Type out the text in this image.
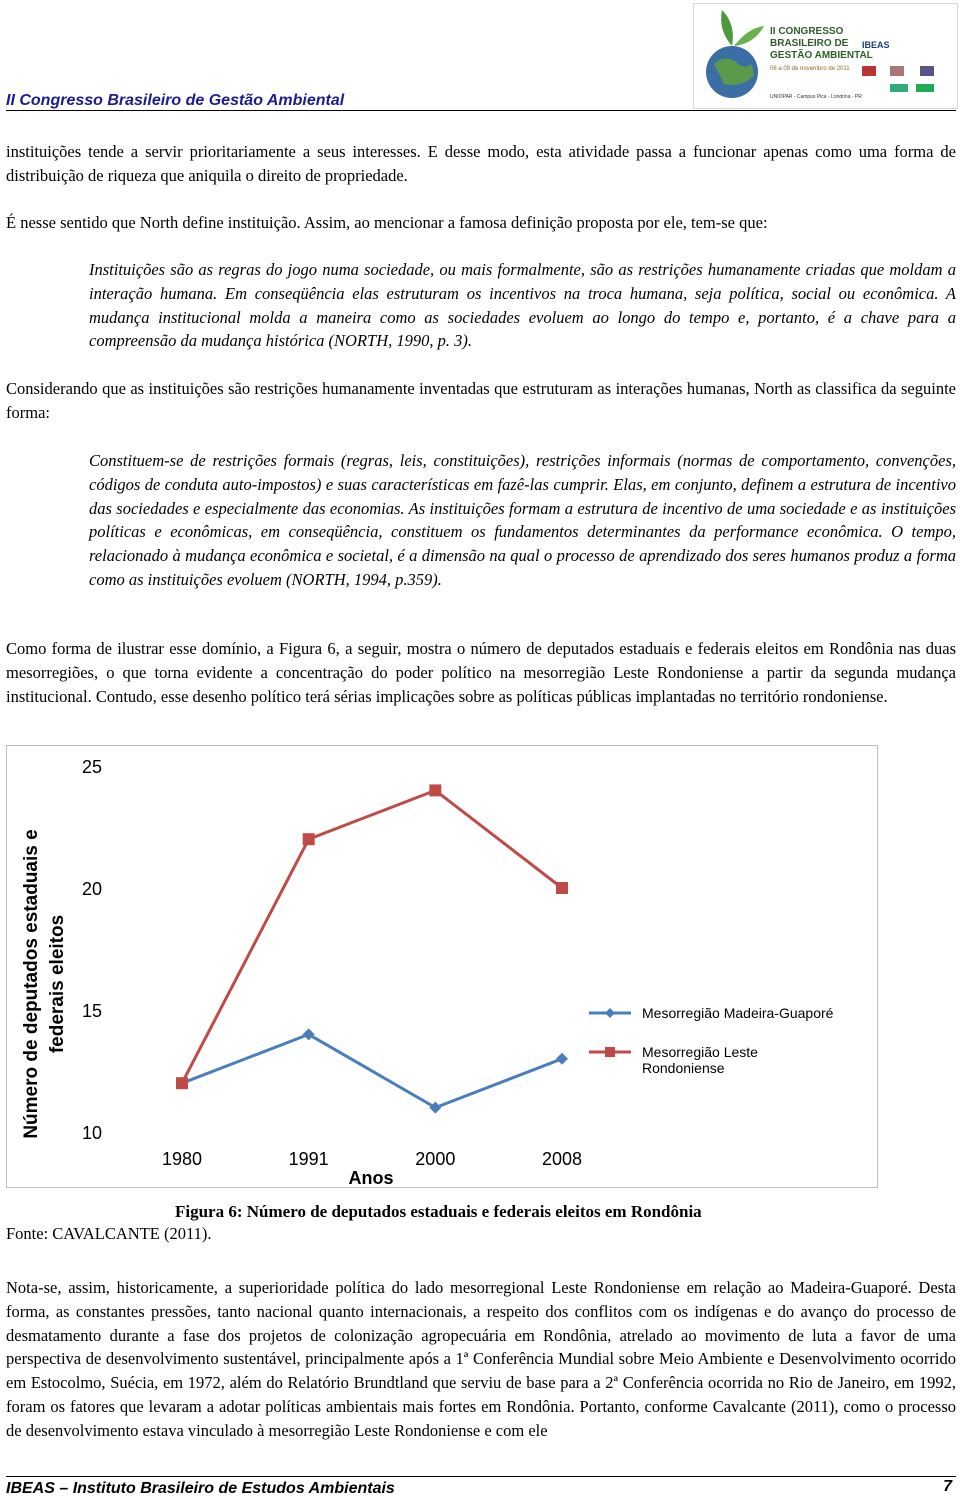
II Congresso Brasileiro de Gestão Ambiental
II CONGRESSO
BRASILEIRO DE
GESTÃO AMBIENTAL
06 a 09 de novembro de 2011
UNIOPAR - Campus Pica - Londrina - PR
IBEAS

instituições tende a servir prioritariamente a seus interesses. E desse modo, esta atividade passa a funcionar apenas como uma forma de distribuição de riqueza que aniquila o direito de propriedade.

É nesse sentido que North define instituição. Assim, ao mencionar a famosa definição proposta por ele, tem-se que:

Instituições são as regras do jogo numa sociedade, ou mais formalmente, são as restrições humanamente criadas que moldam a interação humana. Em conseqüência elas estruturam os incentivos na troca humana, seja política, social ou econômica. A mudança institucional molda a maneira como as sociedades evoluem ao longo do tempo e, portanto, é a chave para a compreensão da mudança histórica (NORTH, 1990, p. 3).

Considerando que as instituições são restrições humanamente inventadas que estruturam as interações humanas, North as classifica da seguinte forma:

Constituem-se de restrições formais (regras, leis, constituições), restrições informais (normas de comportamento, convenções, códigos de conduta auto-impostos) e suas características em fazê-las cumprir. Elas, em conjunto, definem a estrutura de incentivo das sociedades e especialmente das economias. As instituições formam a estrutura de incentivo de uma sociedade e as instituições políticas e econômicas, em conseqüência, constituem os fundamentos determinantes da performance econômica. O tempo, relacionado à mudança econômica e societal, é a dimensão na qual o processo de aprendizado dos seres humanos produz a forma como as instituições evoluem (NORTH, 1994, p.359).

Como forma de ilustrar esse domínio, a Figura 6, a seguir, mostra o número de deputados estaduais e federais eleitos em Rondônia nas duas mesorregiões, o que torna evidente a concentração do poder político na mesorregião Leste Rondoniense a partir da segunda mudança institucional. Contudo, esse desenho político terá sérias implicações sobre as políticas públicas implantadas no território rondoniense.

Número de deputados estaduais e federais eleitos
Anos
10
15
20
25
1980	1991	2000	2008
Mesorregião Madeira-Guaporé
Mesorregião Leste
Rondoniense
Figura 6: Número de deputados estaduais e federais eleitos em Rondônia
Fonte: CAVALCANTE (2011).

Nota-se, assim, historicamente, a superioridade política do lado mesorregional Leste Rondoniense em relação ao Madeira-Guaporé. Desta forma, as constantes pressões, tanto nacional quanto internacionais, a respeito dos conflitos com os indígenas e do avanço do processo de desmatamento durante a fase dos projetos de colonização agropecuária em Rondônia, atrelado ao movimento de luta a favor de uma perspectiva de desenvolvimento sustentável, principalmente após a 1ª Conferência Mundial sobre Meio Ambiente e Desenvolvimento ocorrido em Estocolmo, Suécia, em 1972, além do Relatório Brundtland que serviu de base para a 2ª Conferência ocorrida no Rio de Janeiro, em 1992, foram os fatores que levaram a adotar políticas ambientais mais fortes em Rondônia. Portanto, conforme Cavalcante (2011), como o processo de desenvolvimento estava vinculado à mesorregião Leste Rondoniense e com ele

IBEAS – Instituto Brasileiro de Estudos Ambientais	7
